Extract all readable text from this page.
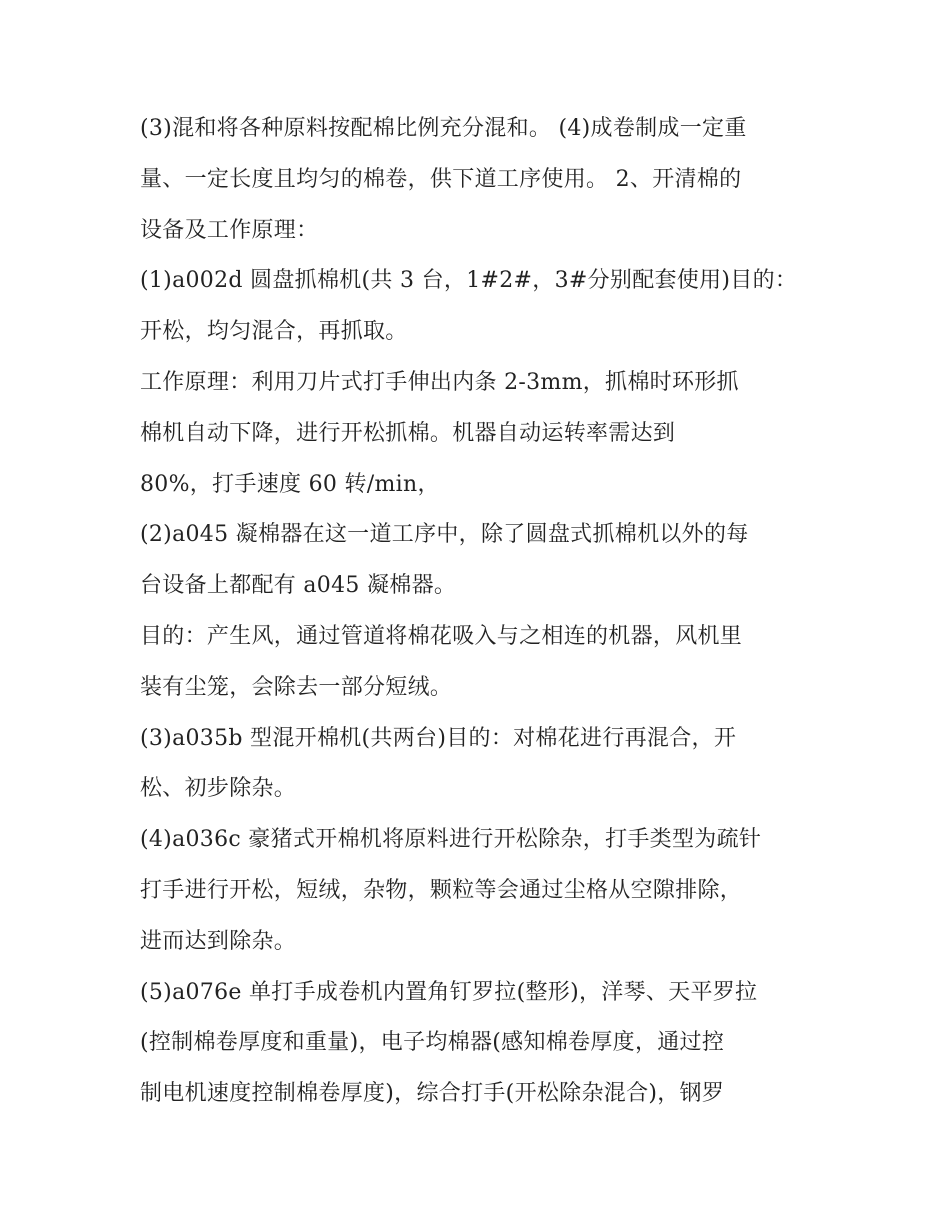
(3)混和将各种原料按配棉比例充分混和。 (4)成卷制成一定重
量、一定长度且均匀的棉卷，供下道工序使用。 2、开清棉的
设备及工作原理：
(1)a002d 圆盘抓棉机(共 3 台，1#2#，3#分别配套使用)目的：
开松，均匀混合，再抓取。
工作原理：利用刀片式打手伸出内条 2-3mm，抓棉时环形抓
棉机自动下降，进行开松抓棉。机器自动运转率需达到
80%，打手速度 60 转/min，
(2)a045 凝棉器在这一道工序中，除了圆盘式抓棉机以外的每
台设备上都配有 a045 凝棉器。
目的：产生风，通过管道将棉花吸入与之相连的机器，风机里
装有尘笼，会除去一部分短绒。
(3)a035b 型混开棉机(共两台)目的：对棉花进行再混合，开
松、初步除杂。
(4)a036c 豪猪式开棉机将原料进行开松除杂，打手类型为疏针
打手进行开松，短绒，杂物，颗粒等会通过尘格从空隙排除，
进而达到除杂。
(5)a076e 单打手成卷机内置角钉罗拉(整形)，洋琴、天平罗拉
(控制棉卷厚度和重量)，电子均棉器(感知棉卷厚度，通过控
制电机速度控制棉卷厚度)，综合打手(开松除杂混合)，钢罗
